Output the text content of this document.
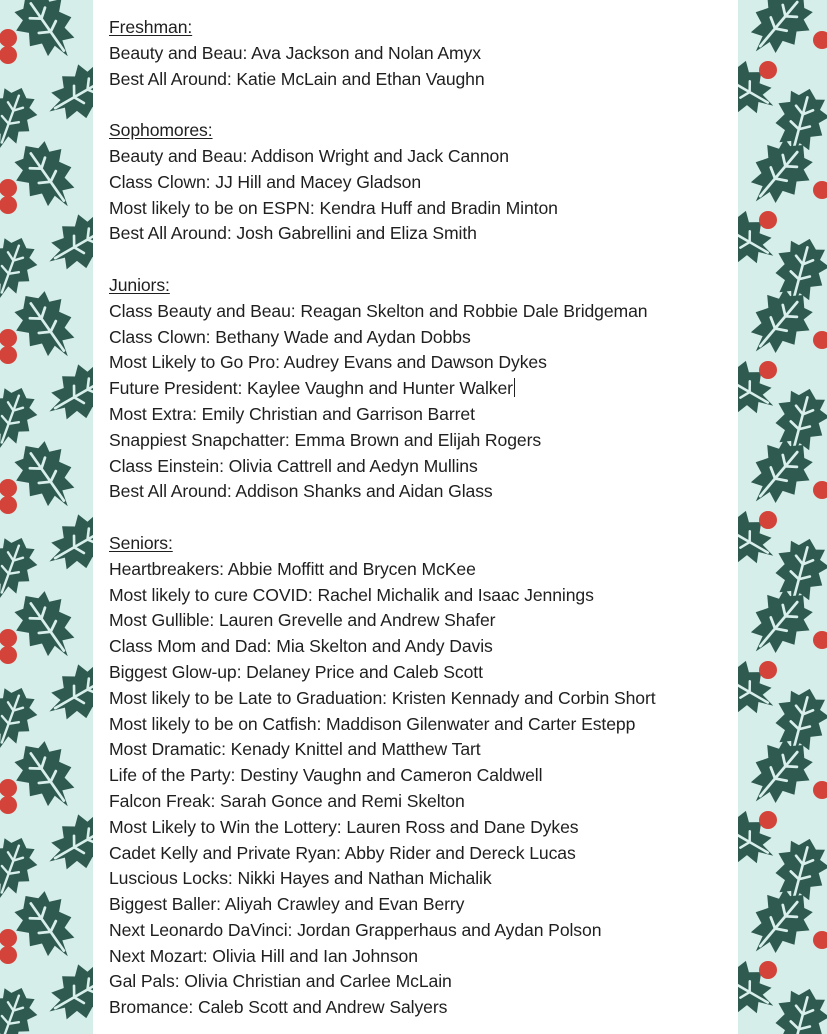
Freshman:
Beauty and Beau: Ava Jackson and Nolan Amyx
Best All Around: Katie McLain and Ethan Vaughn
Sophomores:
Beauty and Beau: Addison Wright and Jack Cannon
Class Clown: JJ Hill and Macey Gladson
Most likely to be on ESPN: Kendra Huff and Bradin Minton
Best All Around: Josh Gabrellini and Eliza Smith
Juniors:
Class Beauty and Beau: Reagan Skelton and Robbie Dale Bridgeman
Class Clown: Bethany Wade and Aydan Dobbs
Most Likely to Go Pro: Audrey Evans and Dawson Dykes
Future President: Kaylee Vaughn and Hunter Walker
Most Extra: Emily Christian and Garrison Barret
Snappiest Snapchatter: Emma Brown and Elijah Rogers
Class Einstein: Olivia Cattrell and Aedyn Mullins
Best All Around: Addison Shanks and Aidan Glass
Seniors:
Heartbreakers: Abbie Moffitt and Brycen McKee
Most likely to cure COVID: Rachel Michalik and Isaac Jennings
Most Gullible: Lauren Grevelle and Andrew Shafer
Class Mom and Dad: Mia Skelton and Andy Davis
Biggest Glow-up: Delaney Price and Caleb Scott
Most likely to be Late to Graduation: Kristen Kennady and Corbin Short
Most likely to be on Catfish: Maddison Gilenwater and Carter Estepp
Most Dramatic: Kenady Knittel and Matthew Tart
Life of the Party: Destiny Vaughn and Cameron Caldwell
Falcon Freak: Sarah Gonce and Remi Skelton
Most Likely to Win the Lottery: Lauren Ross and Dane Dykes
Cadet Kelly and Private Ryan: Abby Rider and Dereck Lucas
Luscious Locks: Nikki Hayes and Nathan Michalik
Biggest Baller: Aliyah Crawley and Evan Berry
Next Leonardo DaVinci: Jordan Grapperhaus and Aydan Polson
Next Mozart: Olivia Hill and Ian Johnson
Gal Pals: Olivia Christian and Carlee McLain
Bromance: Caleb Scott and Andrew Salyers
